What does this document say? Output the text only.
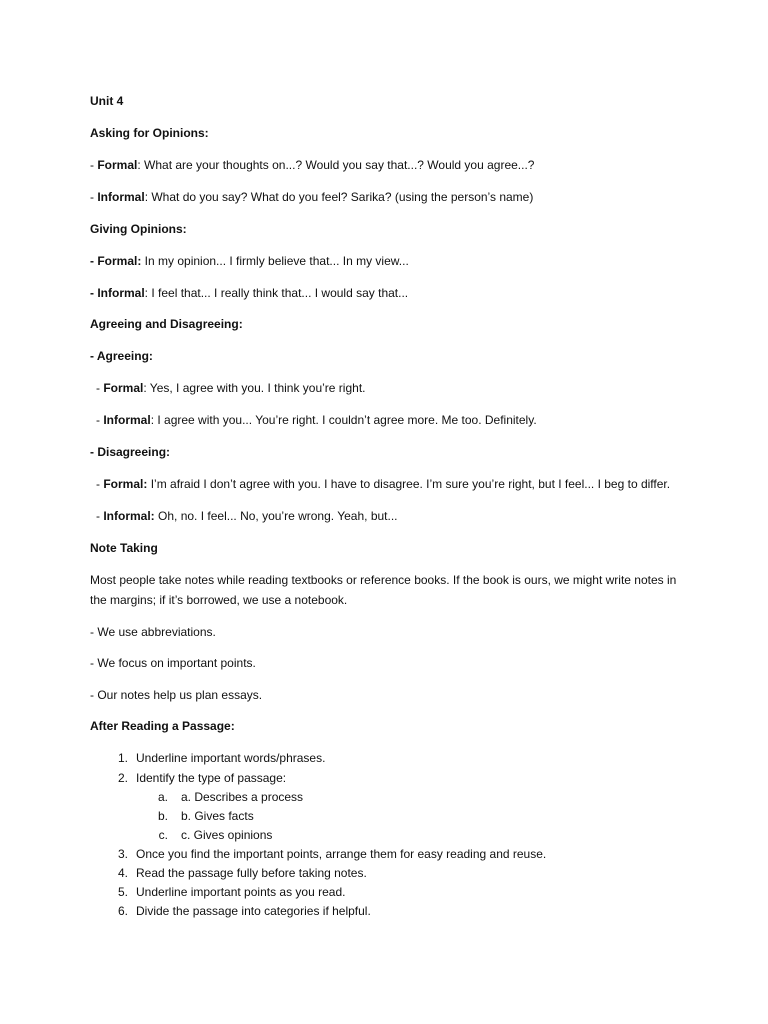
Unit 4
Asking for Opinions:
- Formal: What are your thoughts on...? Would you say that...? Would you agree...?
- Informal: What do you say? What do you feel? Sarika? (using the person’s name)
Giving Opinions:
- Formal: In my opinion... I firmly believe that... In my view...
- Informal: I feel that... I really think that... I would say that...
Agreeing and Disagreeing:
- Agreeing:
- Formal: Yes, I agree with you. I think you’re right.
- Informal: I agree with you... You’re right. I couldn’t agree more. Me too. Definitely.
- Disagreeing:
- Formal: I’m afraid I don’t agree with you. I have to disagree. I’m sure you’re right, but I feel... I beg to differ.
- Informal: Oh, no. I feel... No, you’re wrong. Yeah, but...
Note Taking
Most people take notes while reading textbooks or reference books. If the book is ours, we might write notes in the margins; if it’s borrowed, we use a notebook.
- We use abbreviations.
- We focus on important points.
- Our notes help us plan essays.
After Reading a Passage:
1. Underline important words/phrases.
2. Identify the type of passage:
a. a. Describes a process
b. b. Gives facts
c. c. Gives opinions
3. Once you find the important points, arrange them for easy reading and reuse.
4. Read the passage fully before taking notes.
5. Underline important points as you read.
6. Divide the passage into categories if helpful.
